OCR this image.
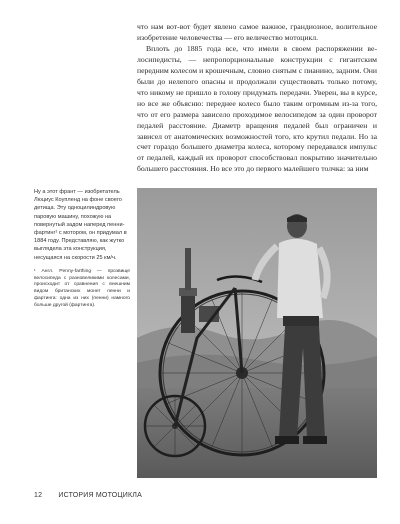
что нам вот-вот будет явлено самое важное, грандиозное, волительное изобретение человечества — его величество мотоцикл.

Вплоть до 1885 года все, что имели в своем распоряжении велосипедисты, — непропорциональные конструкции с гигантским передним колесом и крошечным, словно снятым с пианино, задним. Они были до нелепого опасны и продолжали существовать только потому, что никому не пришло в голову придумать передачи. Уверен, вы в курсе, но все же объясню: переднее колесо было таким огромным из-за того, что от его размера зависело проходимое велосипедом за один проворот педалей расстояние. Диаметр вращения педалей был ограничен и зависел от анатомических возможностей того, кто крутил педали. Но за счет гораздо большего диаметра колеса, которому передавался импульс от педалей, каждый их проворот способствовал покрытию значительно большего расстояния. Но все это до первого малейшего толчка: за ним

Ну а этот франт — изобретатель Люциус Коупленд на фоне своего детища. Эту одноцилиндровую паровую машину, похожую на повернутый задом наперед пенни-фартинг¹ с мотором, он придумал в 1884 году. Представляю, как жутко выглядела эта конструкция, несущаяся на скорости 25 км/ч.
¹ Англ. Penny-farthing — прозвище велосипеда с разновеликими колесами, происходит от сравнения с внешним видом британских монет пенни и фартинга: одна из них (пенни) намного больше другой (фартинга).
12 ИСТОРИЯ МОТОЦИКЛА
